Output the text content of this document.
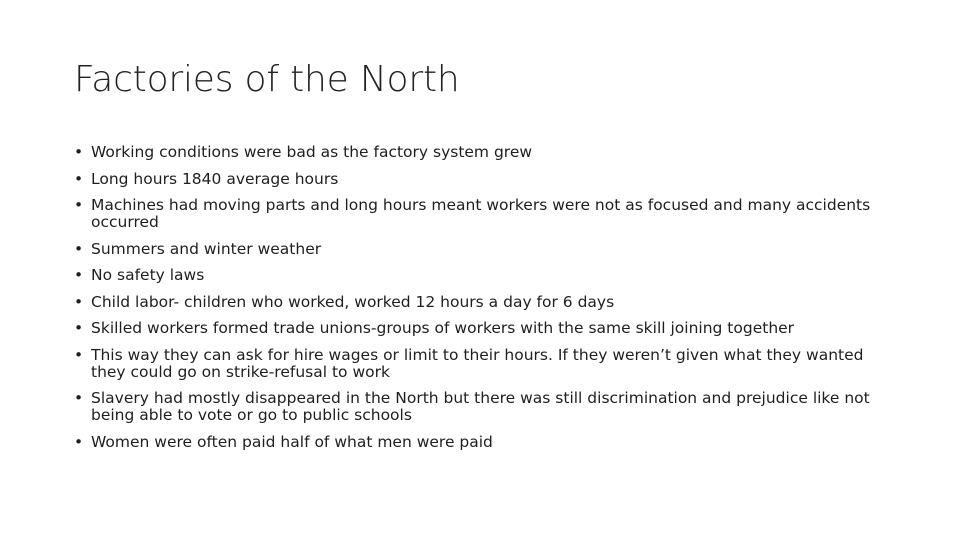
Factories of the North
• Working conditions were bad as the factory system grew
• Long hours 1840 average hours
• Machines had moving parts and long hours meant workers were not as focused and many accidents occurred
• Summers and winter weather
• No safety laws
• Child labor- children who worked, worked 12 hours a day for 6 days
• Skilled workers formed trade unions-groups of workers with the same skill joining together
• This way they can ask for hire wages or limit to their hours. If they weren’t given what they wanted they could go on strike-refusal to work
• Slavery had mostly disappeared in the North but there was still discrimination and prejudice like not being able to vote or go to public schools
• Women were often paid half of what men were paid
